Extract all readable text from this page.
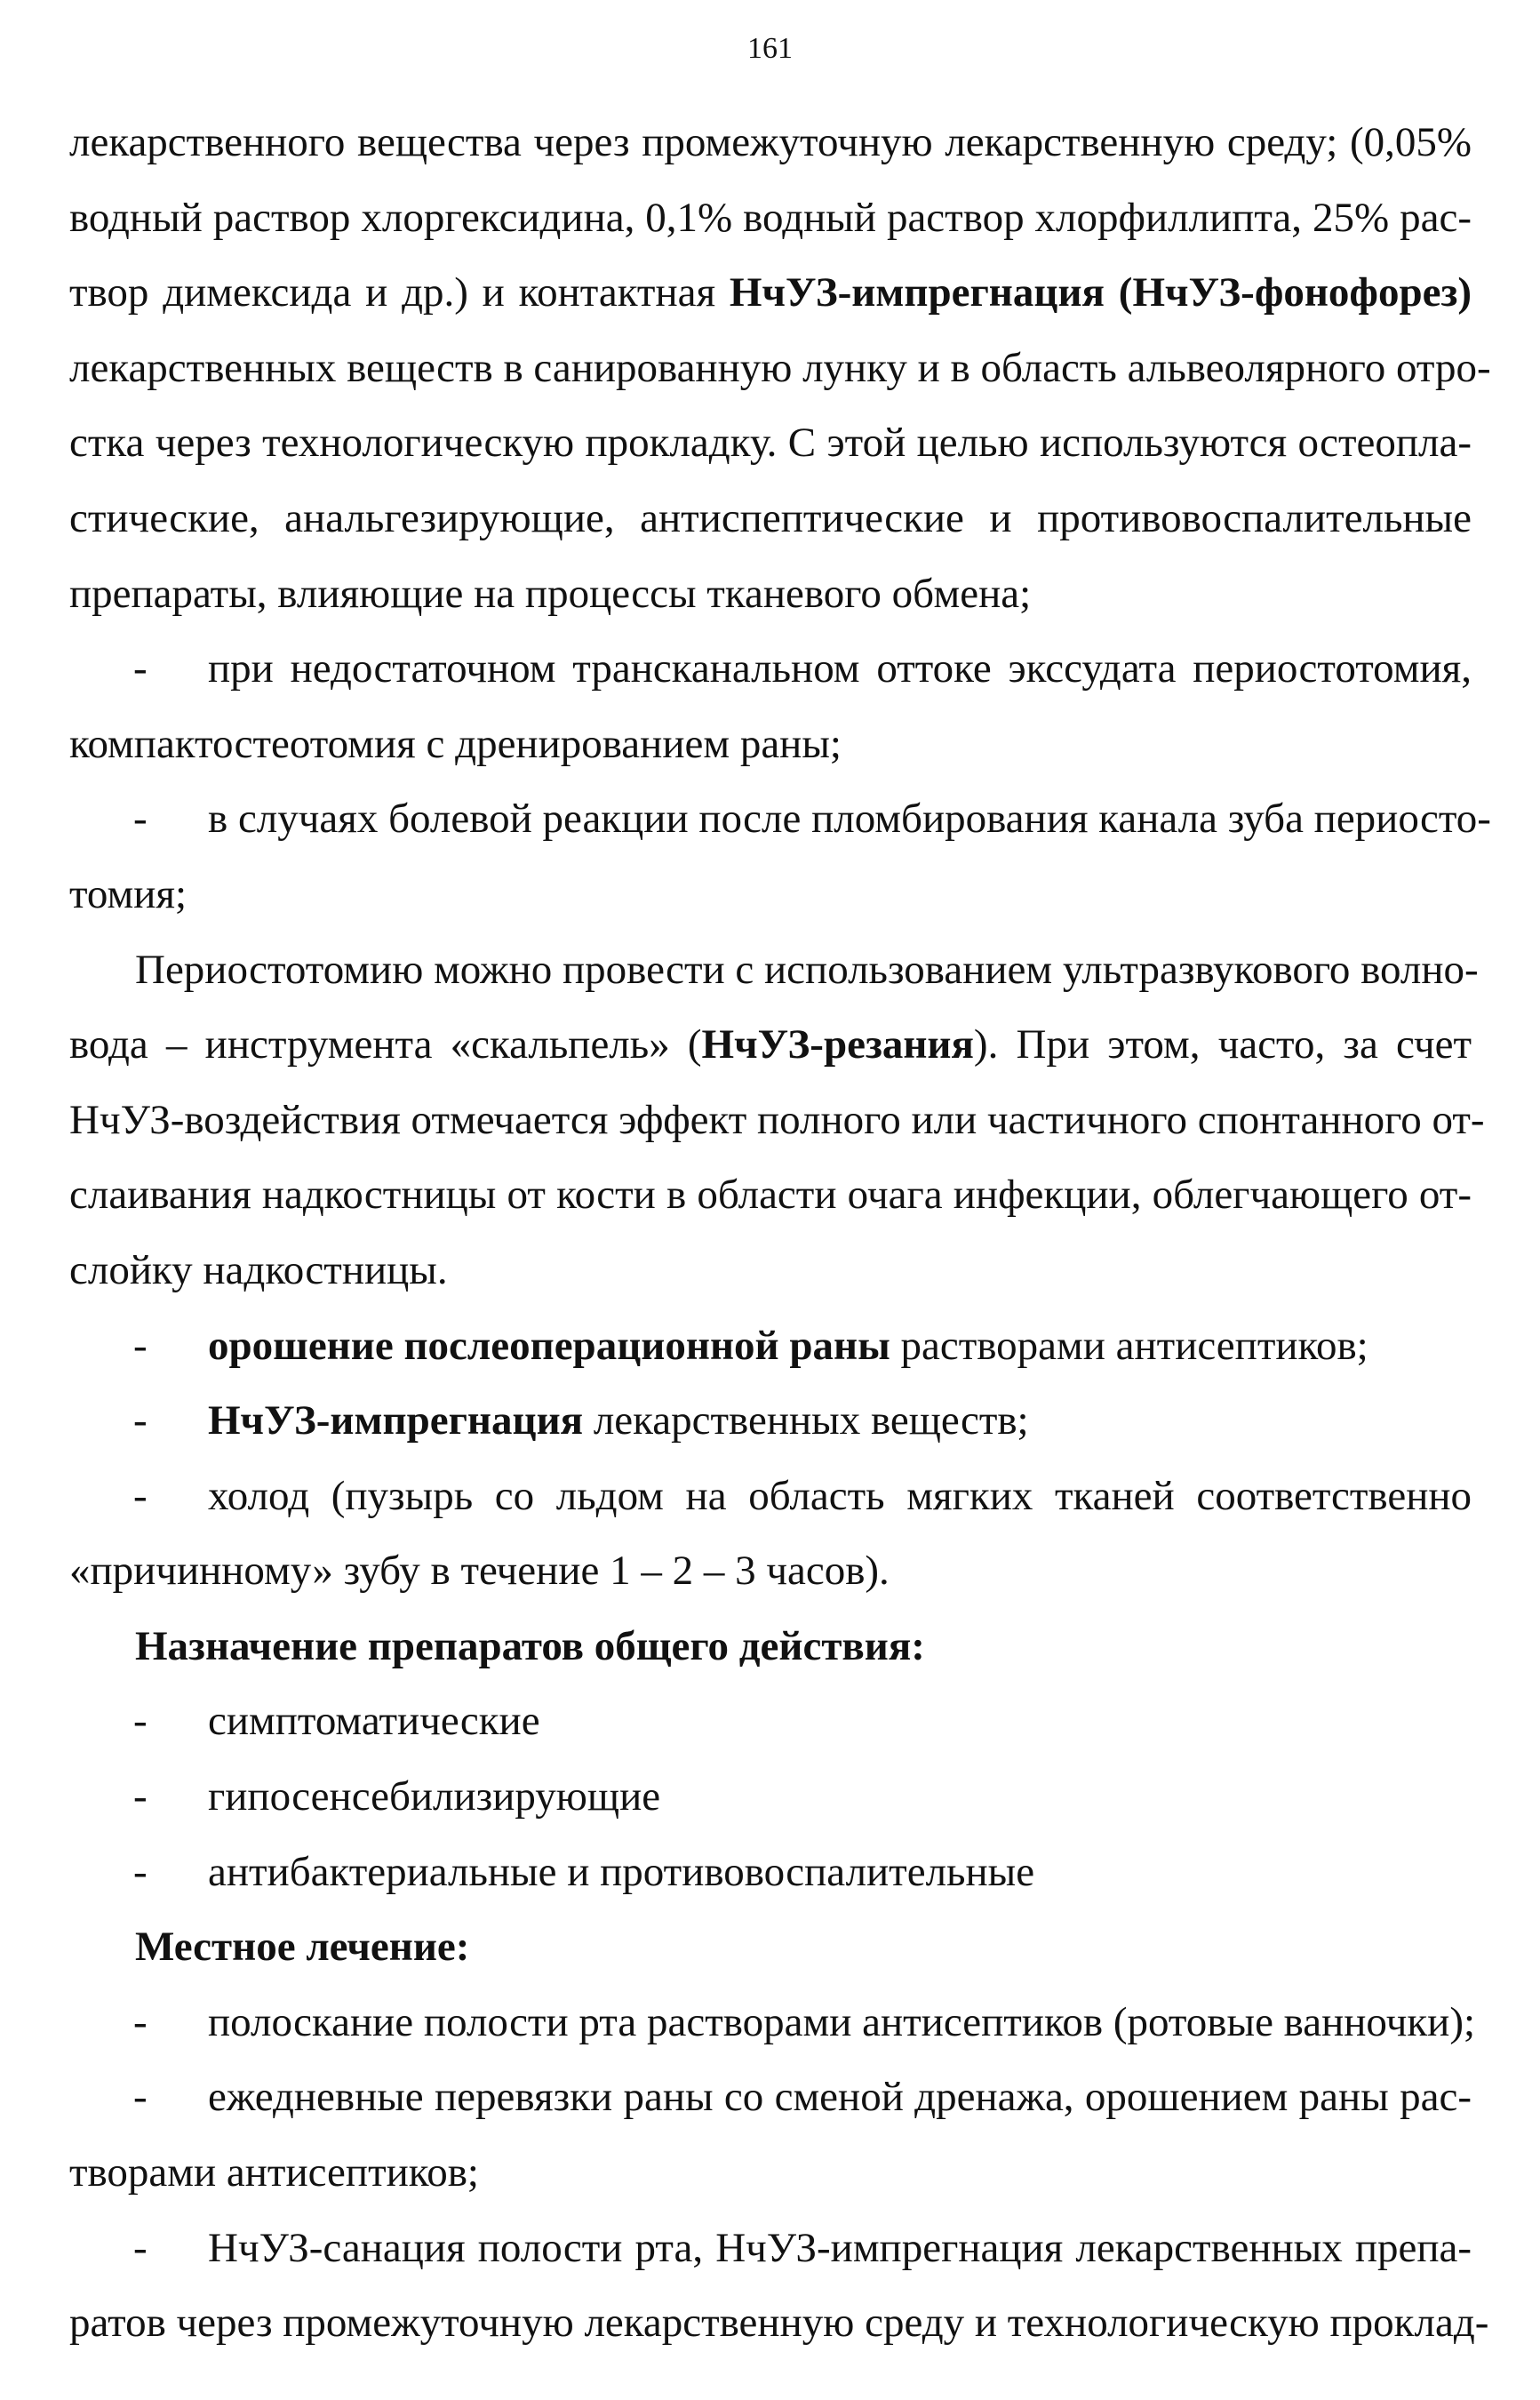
161
лекарственного вещества через промежуточную лекарственную среду; (0,05%
водный раствор хлоргексидина, 0,1% водный раствор хлорфиллипта, 25% рас-
твор димексида и др.) и контактная НчУЗ-импрегнация (НчУЗ-фонофорез)
лекарственных веществ в санированную лунку и в область альвеолярного отро-
стка через технологическую прокладку. С этой целью используются остеопла-
стические, анальгезирующие, антиспептические и противовоспалительные
препараты, влияющие на процессы тканевого обмена;
-	при недостаточном трансканальном оттоке экссудата периостотомия,
компактостеотомия с дренированием раны;
-	в случаях болевой реакции после пломбирования канала зуба периосто-
томия;
Периостотомию можно провести с использованием ультразвукового волно-
вода – инструмента «скальпель» (НчУЗ-резания). При этом, часто, за счет
НчУЗ-воздействия отмечается эффект полного или частичного спонтанного от-
слаивания надкостницы от кости в области очага инфекции, облегчающего от-
слойку надкостницы.
-	орошение послеоперационной раны растворами антисептиков;
-	НчУЗ-импрегнация лекарственных веществ;
-	холод (пузырь со льдом на область мягких тканей соответственно
«причинному» зубу в течение 1 – 2 – 3 часов).
Назначение препаратов общего действия:
-	симптоматические
-	гипосенсебилизирующие
-	антибактериальные и противовоспалительные
Местное лечение:
-	полоскание полости рта растворами антисептиков (ротовые ванночки);
-	ежедневные перевязки раны со сменой дренажа, орошением раны рас-
творами антисептиков;
-	НчУЗ-санация полости рта, НчУЗ-импрегнация лекарственных препа-
ратов через промежуточную лекарственную среду и технологическую проклад-
